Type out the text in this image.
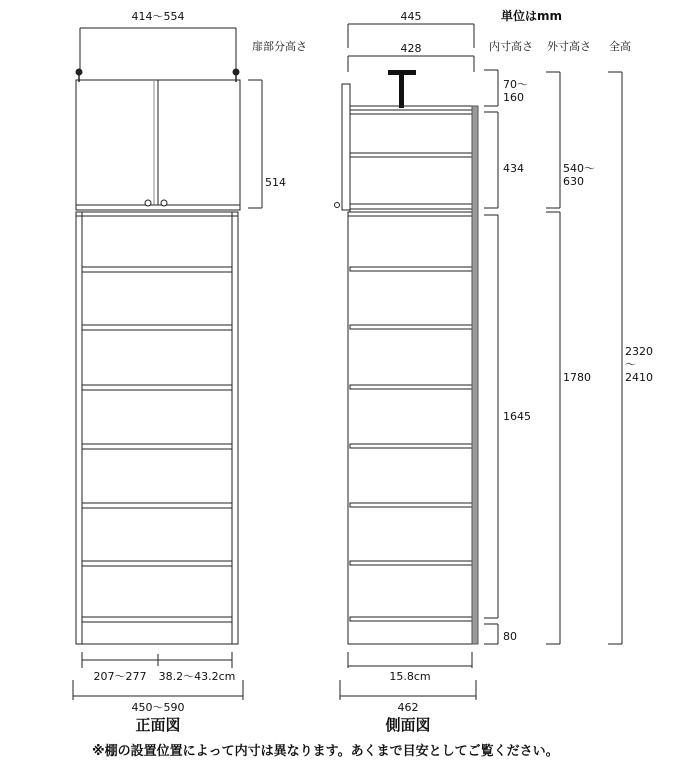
単位はmm
内寸高さ 外寸高さ 全高
414～554
扉部分高さ
514
207～277 38.2～43.2cm
450～590
正面図
445
428
15.8cm
462
側面図
70～ 160
434	540～ 630
1645
1780
2320 ～ 2410
80
※棚の設置位置によって内寸は異なります。あくまで目安としてご覧ください。
